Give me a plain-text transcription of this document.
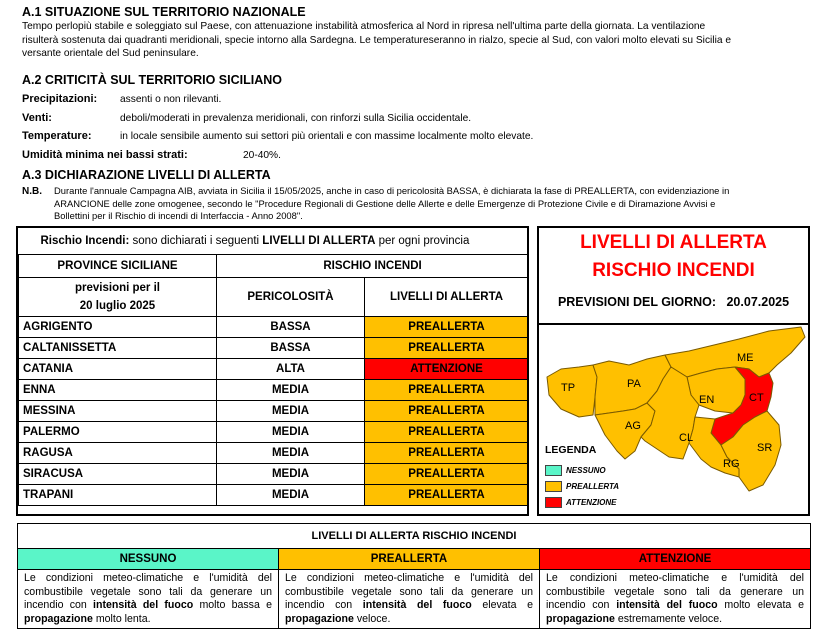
A.1 SITUAZIONE SUL TERRITORIO NAZIONALE
Tempo perlopiù stabile e soleggiato sul Paese, con attenuazione instabilità atmosferica al Nord in ripresa nell'ultima parte della giornata. La ventilazione
risulterà sostenuta dai quadranti meridionali, specie intorno alla Sardegna. Le temperatureseranno in rialzo, specie al Sud, con valori molto elevati su Sicilia e
versante orientale del Sud peninsulare.
A.2 CRITICITÀ SUL TERRITORIO SICILIANO
Precipitazioni: assenti o non rilevanti.
Venti:	deboli/moderati in prevalenza meridionali, con rinforzi sulla Sicilia occidentale.
Temperature:	in locale sensibile aumento sui settori più orientali e con massime localmente molto elevate.
Umidità minima nei bassi strati:	20-40%.
A.3 DICHIARAZIONE LIVELLI DI ALLERTA
N.B. Durante l'annuale Campagna AIB, avviata in Sicilia il 15/05/2025, anche in caso di pericolosità BASSA, è dichiarata la fase di PREALLERTA, con evidenziazione in
ARANCIONE delle zone omogenee, secondo le "Procedure Regionali di Gestione delle Allerte e delle Emergenze di Protezione Civile e di Diramazione Avvisi e
Bollettini per il Rischio di incendi di Interfaccia - Anno 2008".
Rischio Incendi: sono dichiarati i seguenti LIVELLI DI ALLERTA per ogni provincia		
PROVINCE SICILIANE	RISCHIO INCENDI	

previsioni per il
20 luglio 2025	PERICOLOSITÀ	LIVELLI DI ALLERTA
AGRIGENTO	BASSA	PREALLERTA
CALTANISSETTA	BASSA	PREALLERTA
CATANIA	ALTA	ATTENZIONE
ENNA	MEDIA	PREALLERTA
MESSINA	MEDIA	PREALLERTA
PALERMO	MEDIA	PREALLERTA
RAGUSA	MEDIA	PREALLERTA
SIRACUSA	MEDIA	PREALLERTA
TRAPANI	MEDIA	PREALLERTA
LIVELLI DI ALLERTA
RISCHIO INCENDI
PREVISIONI DEL GIORNO: 20.07.2025
TP	PA
ME
AG
EN	CT
CL
RG
SR
LEGENDA
NESSUNO
PREALLERTA
ATTENZIONE
LIVELLI DI ALLERTA RISCHIO INCENDI		
NESSUNO	PREALLERTA	ATTENZIONE
Le condizioni meteo-climatiche e l'umidità del combustibile vegetale sono tali da generare un incendio con intensità del fuoco molto bassa e propagazione molto lenta.	Le condizioni meteo-climatiche e l'umidità del combustibile vegetale sono tali da generare un incendio con intensità del fuoco elevata e propagazione veloce.	Le condizioni meteo-climatiche e l'umidità del combustibile vegetale sono tali da generare un incendio con intensità del fuoco molto elevata e propagazione estremamente veloce.
